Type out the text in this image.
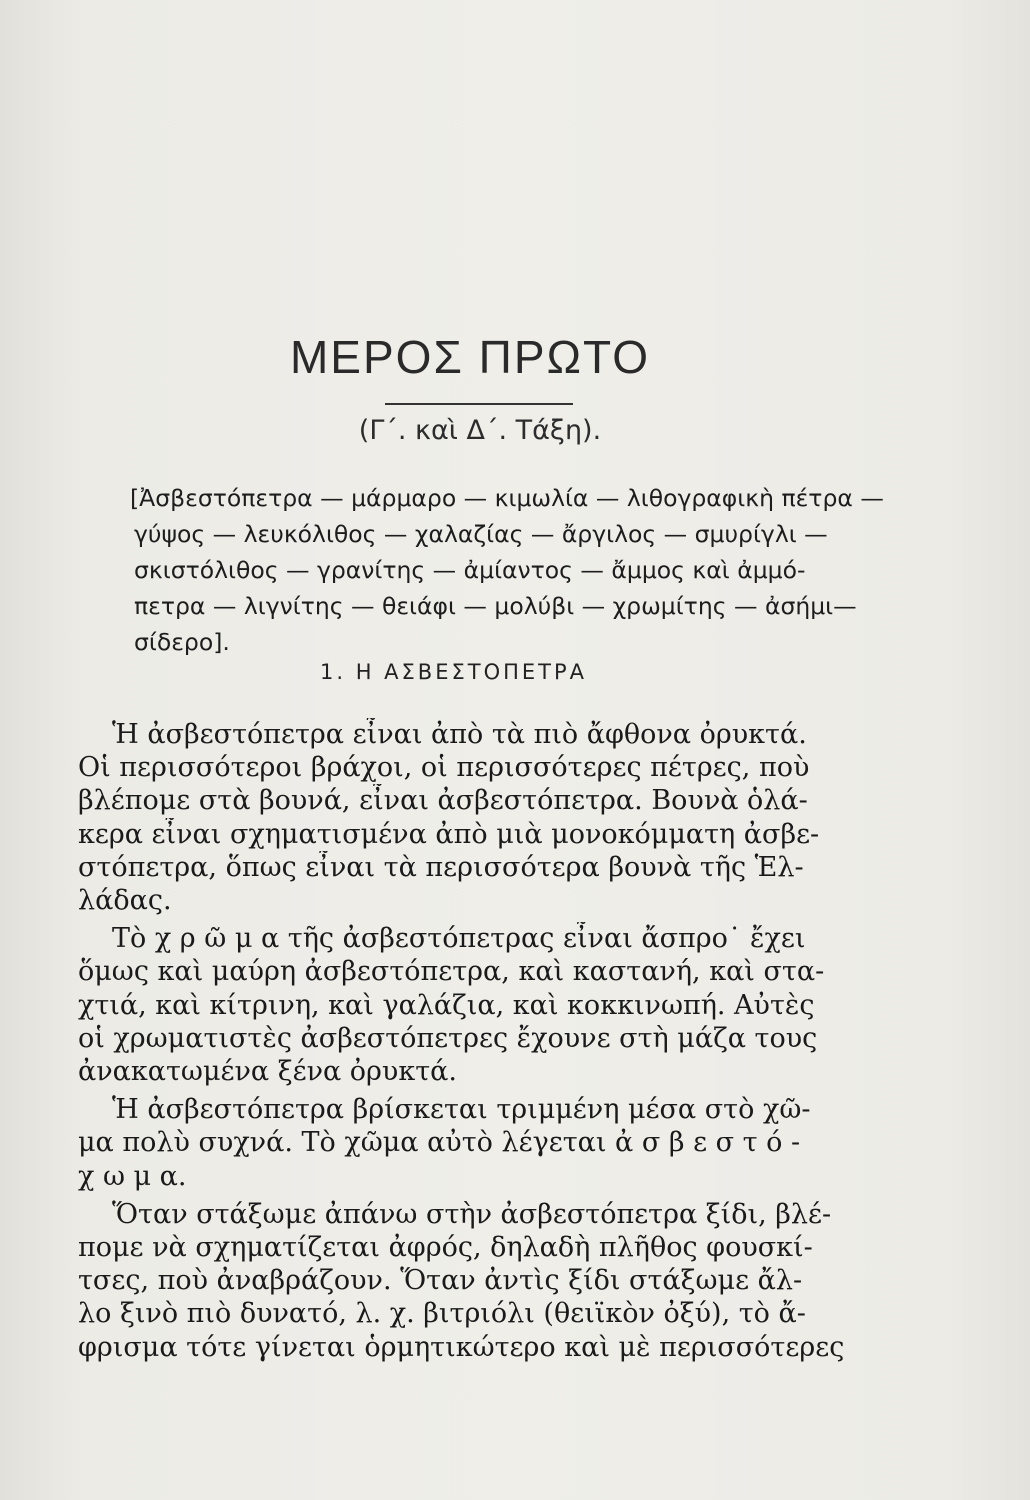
ΜΕΡΟΣ ΠΡΩΤΟ
(Γ΄. καὶ Δ΄. Τάξη).
[Ἀσβεστόπετρα — μάρμαρο — κιμωλία — λιθογραφικὴ πέτρα —
γύψος — λευκόλιθος — χαλαζίας — ἄργιλος — σμυρίγλι —
σκιστόλιθος — γρανίτης — ἀμίαντος — ἄμμος καὶ ἀμμό-
πετρα — λιγνίτης — θειάφι — μολύβι — χρωμίτης — ἀσήμι—
σίδερο].
1. Η ΑΣΒΕΣΤΟΠΕΤΡΑ
Ἡ ἀσβεστόπετρα εἶναι ἀπὸ τὰ πιὸ ἄφθονα ὀρυκτά.
Οἱ περισσότεροι βράχοι, οἱ περισσότερες πέτρες, ποὺ
βλέπομε στὰ βουνά, εἶναι ἀσβεστόπετρα. Βουνὰ ὁλά-
κερα εἶναι σχηματισμένα ἀπὸ μιὰ μονοκόμματη ἀσβε-
στόπετρα, ὅπως εἶναι τὰ περισσότερα βουνὰ τῆς Ἑλ-
λάδας.
Τὸ χ ρ ῶ μ α τῆς ἀσβεστόπετρας εἶναι ἄσπρο˙ ἔχει
ὅμως καὶ μαύρη ἀσβεστόπετρα, καὶ καστανή, καὶ στα-
χτιά, καὶ κίτρινη, καὶ γαλάζια, καὶ κοκκινωπή. Αὐτὲς
οἱ χρωματιστὲς ἀσβεστόπετρες ἔχουνε στὴ μάζα τους
ἀνακατωμένα ξένα ὀρυκτά.
Ἡ ἀσβεστόπετρα βρίσκεται τριμμένη μέσα στὸ χῶ-
μα πολὺ συχνά. Τὸ χῶμα αὐτὸ λέγεται ἀ σ β ε σ τ ό -
χ ω μ α.
Ὅταν στάξωμε ἀπάνω στὴν ἀσβεστόπετρα ξίδι, βλέ-
πομε νὰ σχηματίζεται ἀφρός, δηλαδὴ πλῆθος φουσκί-
τσες, ποὺ ἀναβράζουν. Ὅταν ἀντὶς ξίδι στάξωμε ἄλ-
λο ξινὸ πιὸ δυνατό, λ. χ. βιτριόλι (θειϊκὸν ὀξύ), τὸ ἄ-
φρισμα τότε γίνεται ὁρμητικώτερο καὶ μὲ περισσότερες
